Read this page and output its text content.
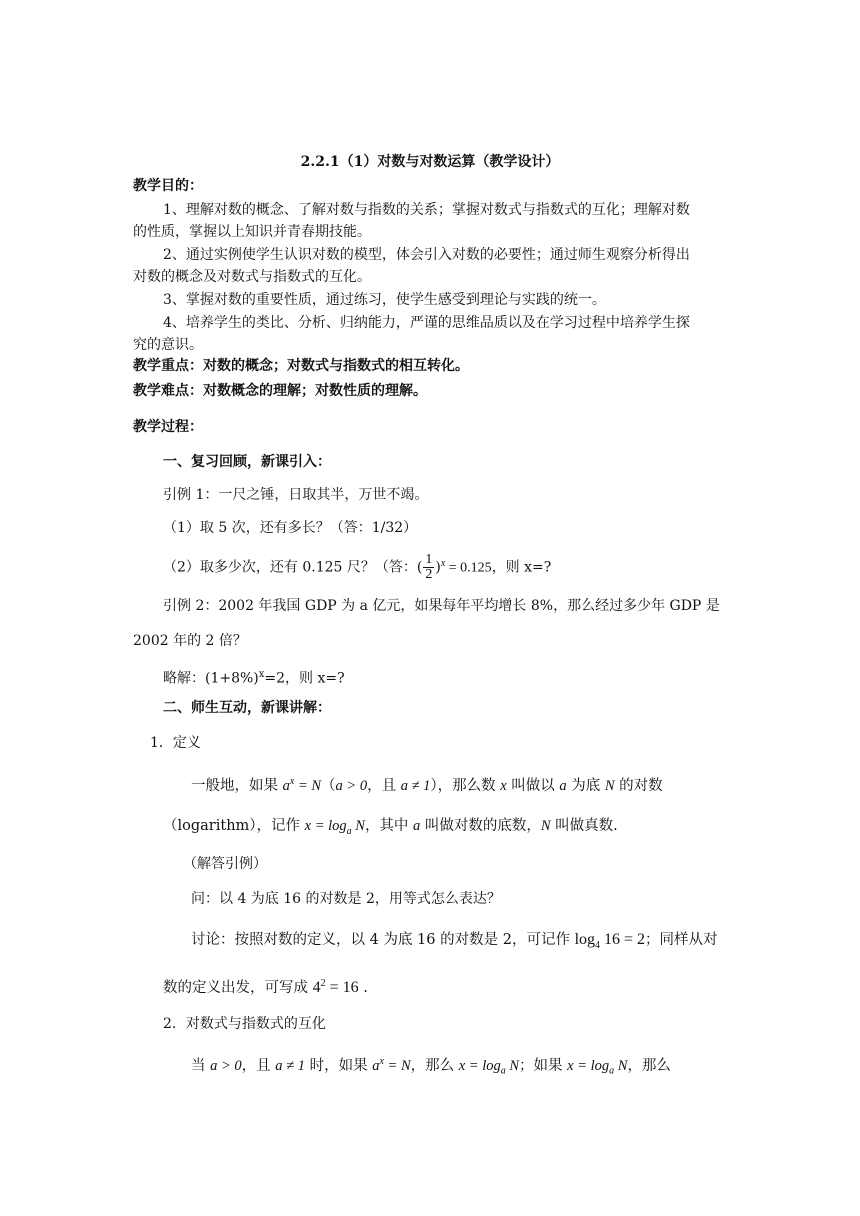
2.2.1（1）对数与对数运算（教学设计）
教学目的：
1、理解对数的概念、了解对数与指数的关系；掌握对数式与指数式的互化；理解对数
的性质，掌握以上知识并青春期技能。
2、通过实例使学生认识对数的模型，体会引入对数的必要性；通过师生观察分析得出
对数的概念及对数式与指数式的互化。
3、掌握对数的重要性质，通过练习，使学生感受到理论与实践的统一。
4、培养学生的类比、分析、归纳能力，严谨的思维品质以及在学习过程中培养学生探
究的意识。
教学重点：对数的概念；对数式与指数式的相互转化。
教学难点：对数概念的理解；对数性质的理解。
教学过程：
一、复习回顾，新课引入：
引例 1：一尺之锤，日取其半，万世不竭。
（1）取 5 次，还有多长？（答：1/32）
（2）取多少次，还有 0.125 尺？（答：( $\frac{1}{2} )^x = 0.125$，则 x=?
引例 2：2002 年我国 GDP 为 a 亿元，如果每年平均增长 8%，那么经过多少年 GDP 是
2002 年的 2 倍？
略解：$(1+8\%)^x=2$，则 x=?
二、师生互动，新课讲解：
1．定义
一般地，如果 $a^x = N(a > 0$，且 a ≠ 1），那么数 x 叫做以 a 为底 N 的对数
（logarithm），记作 $x = \log_a N$，其中 a 叫做对数的底数，N 叫做真数.
（解答引例）
问：以 4 为底 16 的对数是 2，用等式怎么表达？
讨论：按照对数的定义，以 4 为底 16 的对数是 2，可记作 $\log_4 16 = 2$；同样从对
数的定义出发，可写成 $4^2 = 16$ .
2．对数式与指数式的互化
当 a > 0，且 a ≠ 1 时，如果 $a^x = N$，那么 $x = \log_a N$；如果 $x = \log_a N$，那么
